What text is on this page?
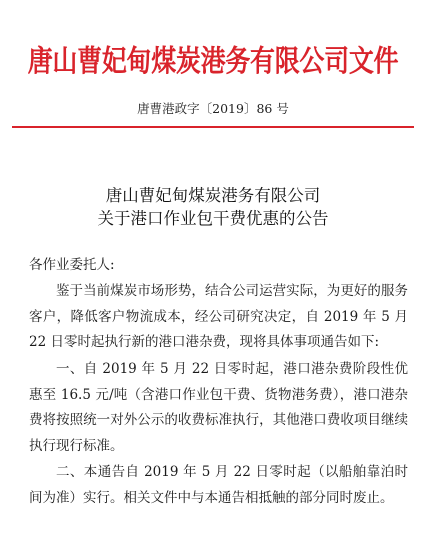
唐山曹妃甸煤炭港务有限公司文件
唐曹港政字〔2019〕86 号
唐山曹妃甸煤炭港务有限公司
关于港口作业包干费优惠的公告

各作业委托人:

鉴于当前煤炭市场形势，结合公司运营实际，为更好的服务客户，降低客户物流成本，经公司研究决定，自 2019 年 5 月 22 日零时起执行新的港口港杂费，现将具体事项通告如下:

一、自 2019 年 5 月 22 日零时起，港口港杂费阶段性优惠至 16.5 元/吨（含港口作业包干费、货物港务费），港口港杂费将按照统一对外公示的收费标准执行，其他港口费收项目继续执行现行标准。

二、本通告自 2019 年 5 月 22 日零时起（以船舶靠泊时间为准）实行。相关文件中与本通告相抵触的部分同时废止。
